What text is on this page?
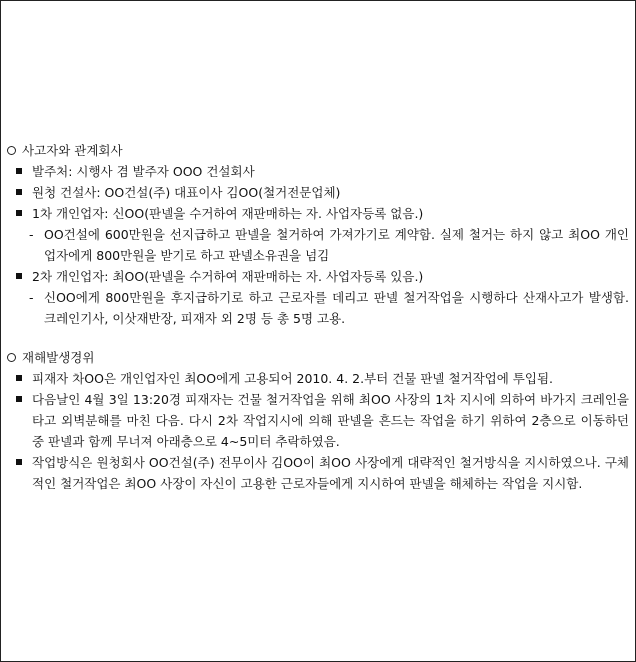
사고자와 관계회사
발주처: 시행사 겸 발주자 OOO 건설회사
원청 건설사: OO건설(주) 대표이사 김OO(철거전문업체)
1차 개인업자: 신OO(판넬을 수거하여 재판매하는 자. 사업자등록 없음.)
- OO건설에 600만원을 선지급하고 판넬을 철거하여 가져가기로 계약함. 실제 철거는 하지 않고 최OO 개인업자에게 800만원을 받기로 하고 판넬소유권을 넘김
2차 개인업자: 최OO(판넬을 수거하여 재판매하는 자. 사업자등록 있음.)
- 신OO에게 800만원을 후지급하기로 하고 근로자를 데리고 판넬 철거작업을 시행하다 산재사고가 발생함. 크레인기사, 이삿재반장, 피재자 외 2명 등 총 5명 고용.
재해발생경위
피재자 차OO은 개인업자인 최OO에게 고용되어 2010. 4. 2.부터 건물 판넬 철거작업에 투입됨.
다음날인 4월 3일 13:20경 피재자는 건물 철거작업을 위해 최OO 사장의 1차 지시에 의하여 바가지 크레인을 타고 외벽분해를 마친 다음. 다시 2차 작업지시에 의해 판넬을 흔드는 작업을 하기 위하여 2층으로 이동하던 중 판넬과 함께 무너져 아래층으로 4~5미터 추락하였음.
작업방식은 원청회사 OO건설(주) 전무이사 김OO이 최OO 사장에게 대략적인 철거방식을 지시하였으나. 구체적인 철거작업은 최OO 사장이 자신이 고용한 근로자들에게 지시하여 판넬을 해체하는 작업을 지시함.
